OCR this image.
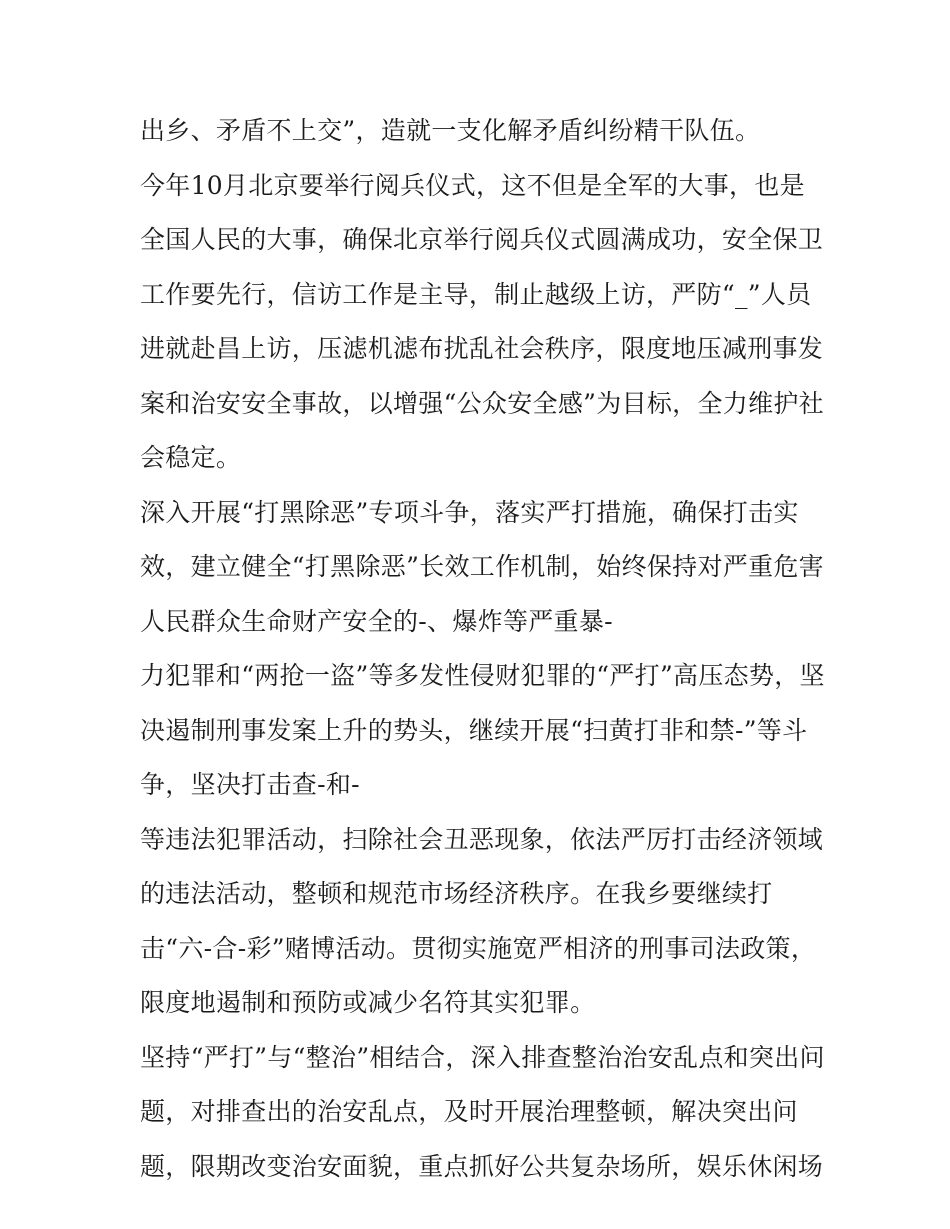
出乡、矛盾不上交”，造就一支化解矛盾纠纷精干队伍。
今年10月北京要举行阅兵仪式，这不但是全军的大事，也是
全国人民的大事，确保北京举行阅兵仪式圆满成功，安全保卫
工作要先行，信访工作是主导，制止越级上访，严防“_”人员
进就赴昌上访，压滤机滤布扰乱社会秩序，限度地压减刑事发
案和治安安全事故，以增强“公众安全感”为目标，全力维护社
会稳定。
深入开展“打黑除恶”专项斗争，落实严打措施，确保打击实
效，建立健全“打黑除恶”长效工作机制，始终保持对严重危害
人民群众生命财产安全的-、爆炸等严重暴-
力犯罪和“两抢一盗”等多发性侵财犯罪的“严打”高压态势，坚
决遏制刑事发案上升的势头，继续开展“扫黄打非和禁-”等斗
争，坚决打击查-和-
等违法犯罪活动，扫除社会丑恶现象，依法严厉打击经济领域
的违法活动，整顿和规范市场经济秩序。在我乡要继续打
击“六-合-彩”赌博活动。贯彻实施宽严相济的刑事司法政策，
限度地遏制和预防或减少名符其实犯罪。
坚持“严打”与“整治”相结合，深入排查整治治安乱点和突出问
题，对排查出的治安乱点，及时开展治理整顿，解决突出问
题，限期改变治安面貌，重点抓好公共复杂场所，娱乐休闲场
